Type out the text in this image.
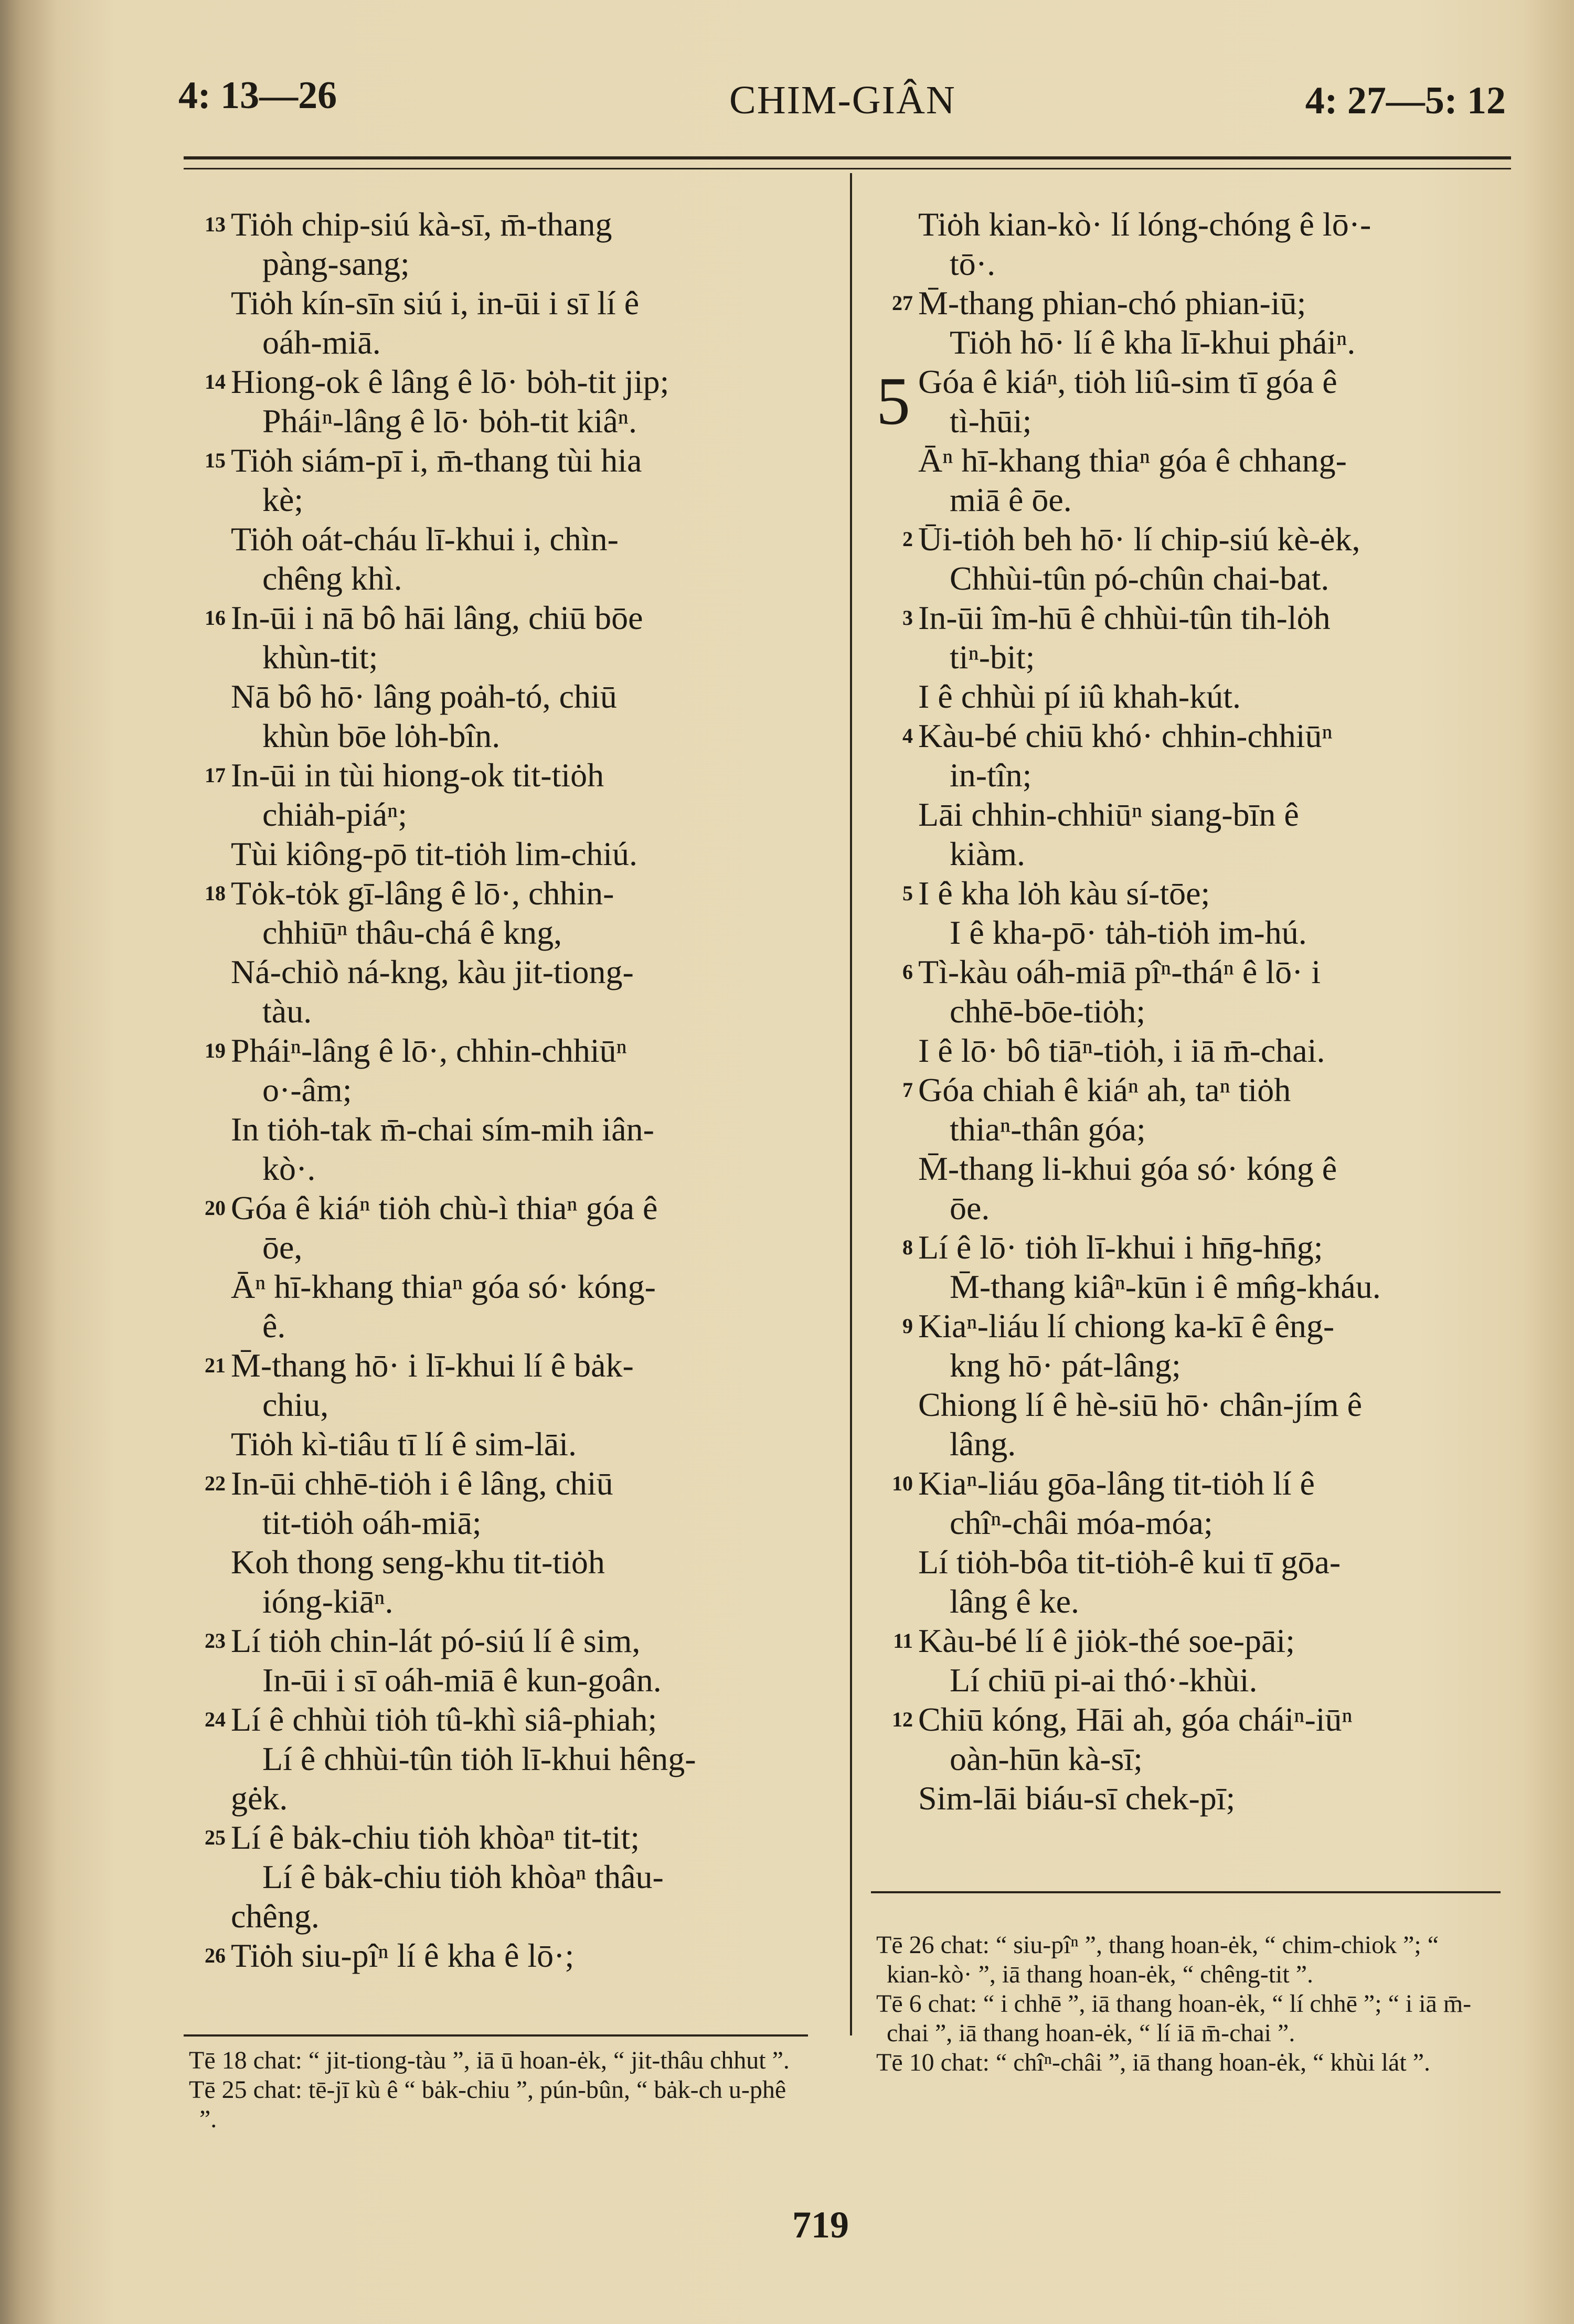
4: 13—26	CHIM-GIÂN	4: 27—5: 12
13 Tiȯh chip-siú kà-sī, m̄-thang
pàng-sang;
Tiȯh kín-sīn siú i, in-ūi i sī lí ê
oáh-miā.
14 Hiong-ok ê lâng ê lō· bȯh-tit jip;
Pháiⁿ-lâng ê lō· bȯh-tit kiâⁿ.
15 Tiȯh siám-pī i, m̄-thang tùi hia
kè;
Tiȯh oát-cháu lī-khui i, chìn-
chêng khì.
16 In-ūi i nā bô hāi lâng, chiū bōe
khùn-tit;
Nā bô hō· lâng poȧh-tó, chiū
khùn bōe lȯh-bîn.
17 In-ūi in tùi hiong-ok tit-tiȯh
chiȧh-piáⁿ;
Tùi kiông-pō tit-tiȯh lim-chiú.
18 Tȯk-tȯk gī-lâng ê lō·, chhin-
chhiūⁿ thâu-chá ê kng,
Ná-chiò ná-kng, kàu jit-tiong-
tàu.
19 Pháiⁿ-lâng ê lō·, chhin-chhiūⁿ
o·-âm;
In tiȯh-tak m̄-chai sím-mih iân-
kò·.
20 Góa ê kiáⁿ tiȯh chù-ì thiaⁿ góa ê
ōe,
Āⁿ hī-khang thiaⁿ góa só· kóng-
ê.
21 M̄-thang hō· i lī-khui lí ê bȧk-
chiu,
Tiȯh kì-tiâu tī lí ê sim-lāi.
22 In-ūi chhē-tiȯh i ê lâng, chiū
tit-tiȯh oáh-miā;
Koh thong seng-khu tit-tiȯh
ióng-kiāⁿ.
23 Lí tiȯh chin-lát pó-siú lí ê sim,
In-ūi i sī oáh-miā ê kun-goân.
24 Lí ê chhùi tiȯh tû-khì siâ-phiah;
Lí ê chhùi-tûn tiȯh lī-khui hêng-
gėk.
25 Lí ê bȧk-chiu tiȯh khòaⁿ tit-tit;
Lí ê bȧk-chiu tiȯh khòaⁿ thâu-
chêng.
26 Tiȯh siu-pîⁿ lí ê kha ê lō·;
Tiȯh kian-kò· lí lóng-chóng ê lō·-
tō·.
27 M̄-thang phian-chó phian-iū;
Tiȯh hō· lí ê kha lī-khui pháiⁿ.
5 Góa ê kiáⁿ, tiȯh liû-sim tī góa ê
tì-hūi;
Āⁿ hī-khang thiaⁿ góa ê chhang-
miā ê ōe.
2 Ūi-tiȯh beh hō· lí chip-siú kè-ėk,
Chhùi-tûn pó-chûn chai-bat.
3 In-ūi îm-hū ê chhùi-tûn tih-lȯh
tiⁿ-bit;
I ê chhùi pí iû khah-kút.
4 Kàu-bé chiū khó· chhin-chhiūⁿ
in-tîn;
Lāi chhin-chhiūⁿ siang-bīn ê
kiàm.
5 I ê kha lȯh kàu sí-tōe;
I ê kha-pō· tȧh-tiȯh im-hú.
6 Tì-kàu oáh-miā pîⁿ-tháⁿ ê lō· i
chhē-bōe-tiȯh;
I ê lō· bô tiāⁿ-tiȯh, i iā m̄-chai.
7 Góa chiah ê kiáⁿ ah, taⁿ tiȯh
thiaⁿ-thân góa;
M̄-thang li-khui góa só· kóng ê
ōe.
8 Lí ê lō· tiȯh lī-khui i hn̄g-hn̄g;
M̄-thang kiâⁿ-kūn i ê mn̂g-kháu.
9 Kiaⁿ-liáu lí chiong ka-kī ê êng-
kng hō· pát-lâng;
Chiong lí ê hè-siū hō· chân-jím ê
lâng.
10 Kiaⁿ-liáu gōa-lâng tit-tiȯh lí ê
chîⁿ-châi móa-móa;
Lí tiȯh-bôa tit-tiȯh-ê kui tī gōa-
lâng ê ke.
11 Kàu-bé lí ê jiȯk-thé soe-pāi;
Lí chiū pi-ai thó·-khùi.
12 Chiū kóng, Hāi ah, góa cháiⁿ-iūⁿ
oàn-hūn kà-sī;
Sim-lāi biáu-sī chek-pī;

Tē 18 chat: “ jit-tiong-tàu ”, iā ū hoan-ėk, “ jit-thâu chhut ”.

Tē 25 chat: tē-jī kù ê “ bȧk-chiu ”, pún-bûn, “ bȧk-ch u-phê ”.

Tē 26 chat: “ siu-pîⁿ ”, thang hoan-ėk, “ chim-chiok ”; “ kian-kò· ”, iā thang hoan-ėk, “ chêng-tit ”.

Tē 6 chat: “ i chhē ”, iā thang hoan-ėk, “ lí chhē ”; “ i iā m̄-chai ”, iā thang hoan-ėk, “ lí iā m̄-chai ”.

Tē 10 chat: “ chîⁿ-châi ”, iā thang hoan-ėk, “ khùi lát ”.

719
